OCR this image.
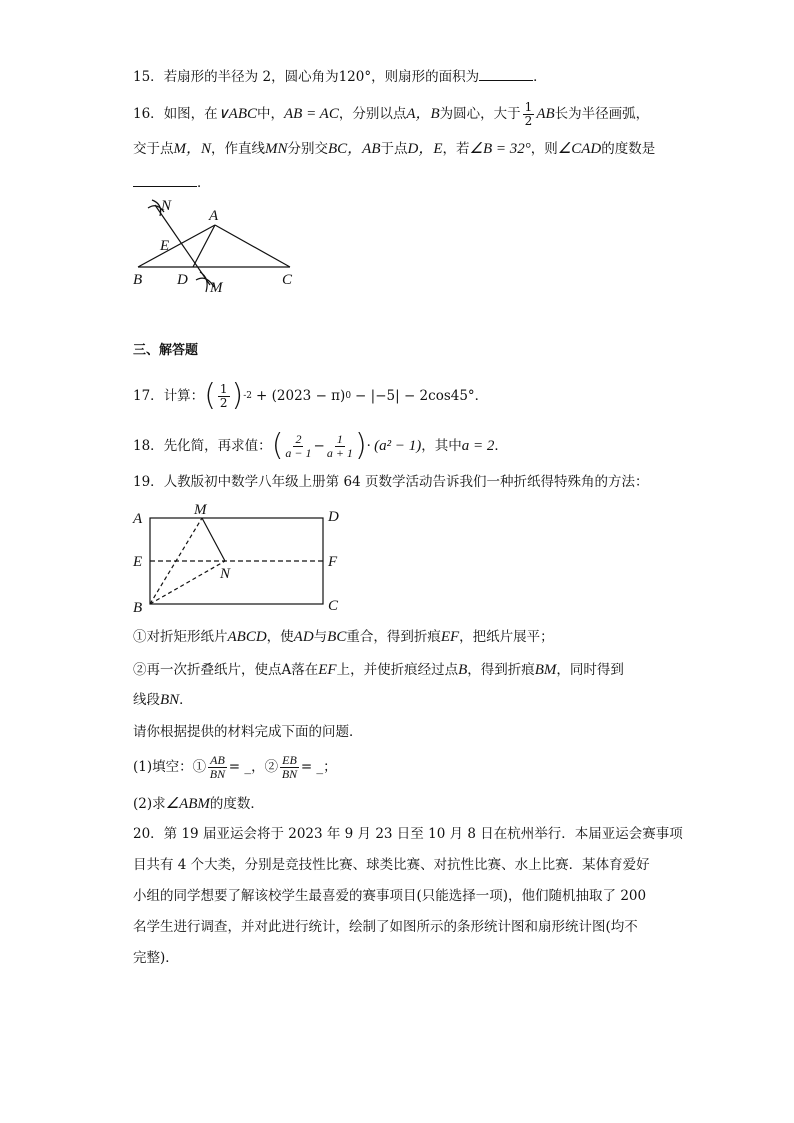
15．若扇形的半径为 2，圆心角为120°，则扇形的面积为	．
16．如图，在∨ABC中，AB = AC，分别以点A，B为圆心，大于 $\frac{1}{2}$ AB长为半径画弧，
交于点M，N，作直线MN分别交BC，AB于点D，E，若∠B = 32°，则∠CAD的度数是
．
N
A
E
B D M	C
三、解答题
17． 计算： ( $\frac{1}{2}$ ) -2 + (2023 − π) 0 − |−5| − 2cos45°．
18． 先化简，再求值： ( $\frac{2}{a - 1} - \frac{1}{a + 1}$ ) · (a² − 1) ，其中 a = 2 ．
19．人教版初中数学八年级上册第 64 页数学活动告诉我们一种折纸得特殊角的方法：
A
M	D
E
N
F
B	C
①对折矩形纸片ABCD，使AD与BC重合，得到折痕EF，把纸片展平；
②再一次折叠纸片，使点A落在EF上，并使折痕经过点B，得到折痕BM，同时得到
线段BN．
请你根据提供的材料完成下面的问题．
(1)填空：① $\frac{AB}{BN}$ = _，② $\frac{EB}{BN}$ = _；
(2)求∠ABM的度数．
20．第 19 届亚运会将于 2023 年 9 月 23 日至 10 月 8 日在杭州举行．本届亚运会赛事项
目共有 4 个大类，分别是竞技性比赛、球类比赛、对抗性比赛、水上比赛．某体育爱好
小组的同学想要了解该校学生最喜爱的赛事项目(只能选择一项)，他们随机抽取了 200
名学生进行调查，并对此进行统计，绘制了如图所示的条形统计图和扇形统计图(均不
完整)．
